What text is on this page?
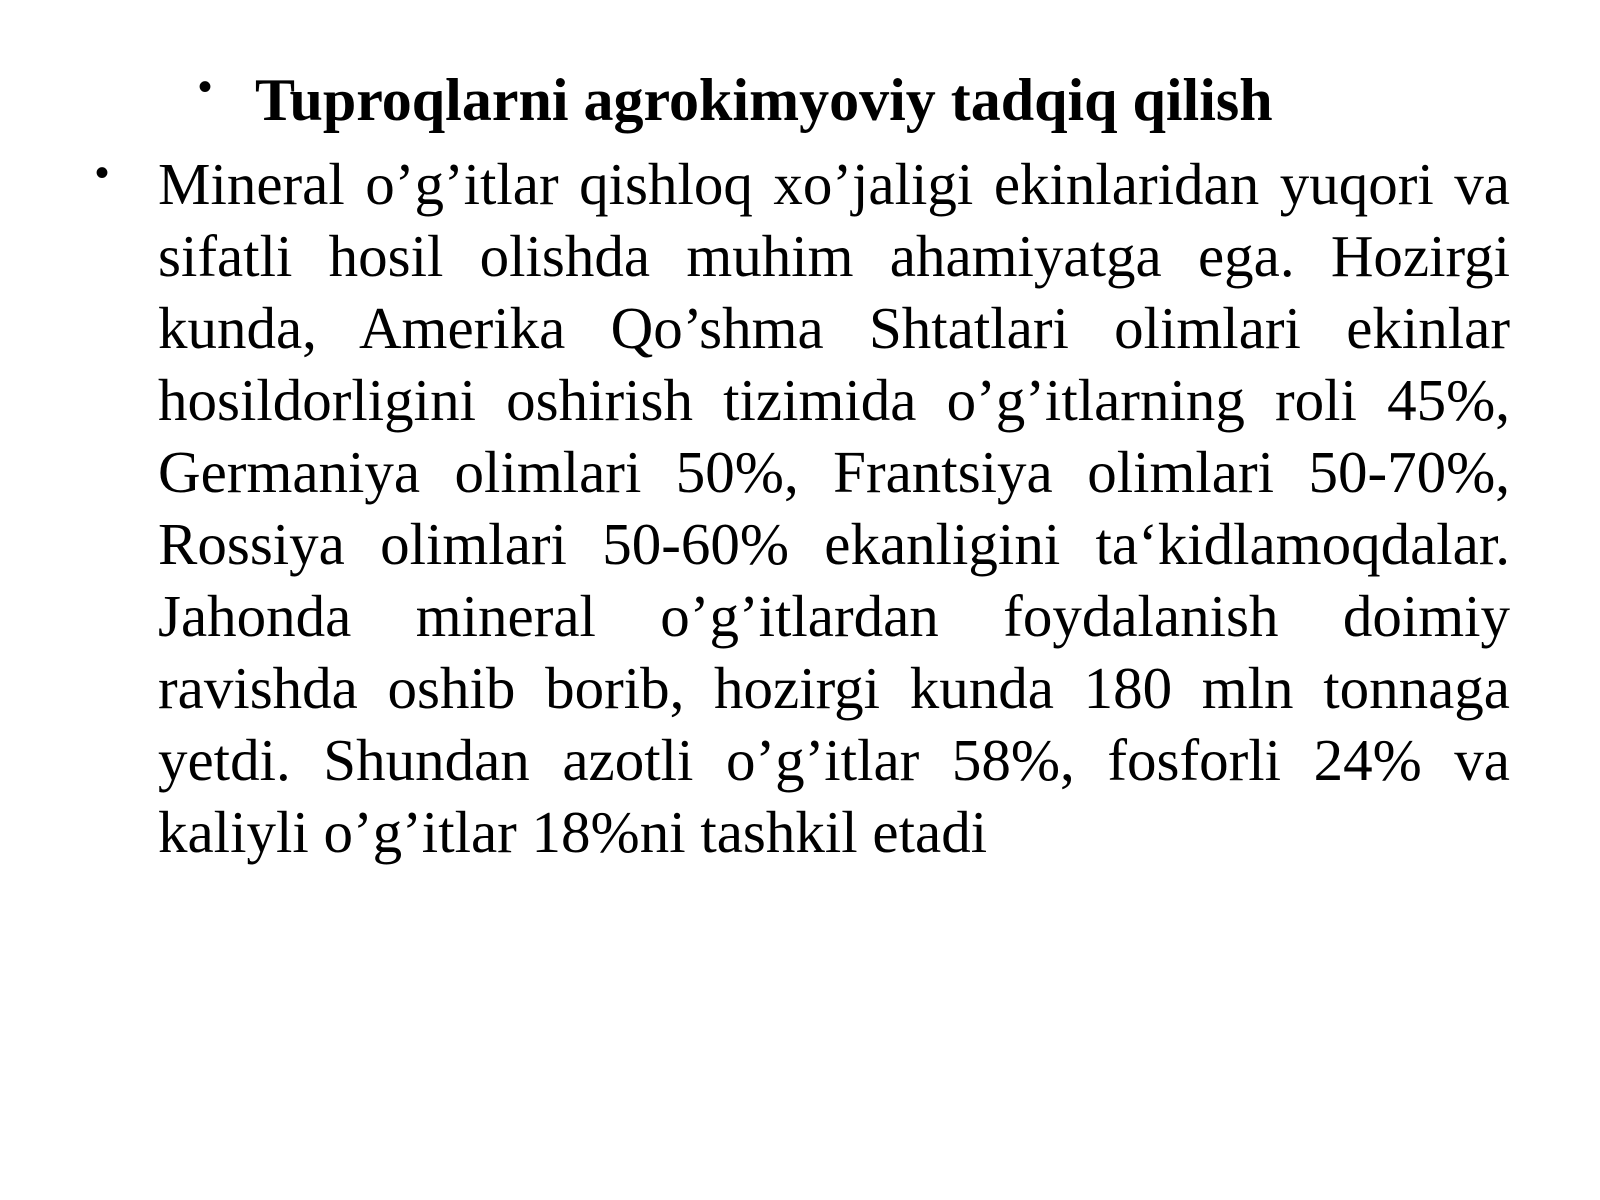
• Tuproqlarni agrokimyoviy tadqiq qilish
• Mineral o’g’itlar qishloq xo’jaligi ekinlaridan yuqori va sifatli hosil olishda muhim ahamiyatga ega. Hozirgi kunda, Amerika Qo’shma Shtatlari olimlari ekinlar hosildorligini oshirish tizimida o’g’itlarning roli 45%, Germaniya olimlari 50%, Frantsiya olimlari 50-70%, Rossiya olimlari 50-60% ekanligini ta‘kidlamoqdalar. Jahonda mineral o’g’itlardan foydalanish doimiy ravishda oshib borib, hozirgi kunda 180 mln tonnaga yetdi. Shundan azotli o’g’itlar 58%, fosforli 24% va kaliyli o’g’itlar 18%ni tashkil etadi
